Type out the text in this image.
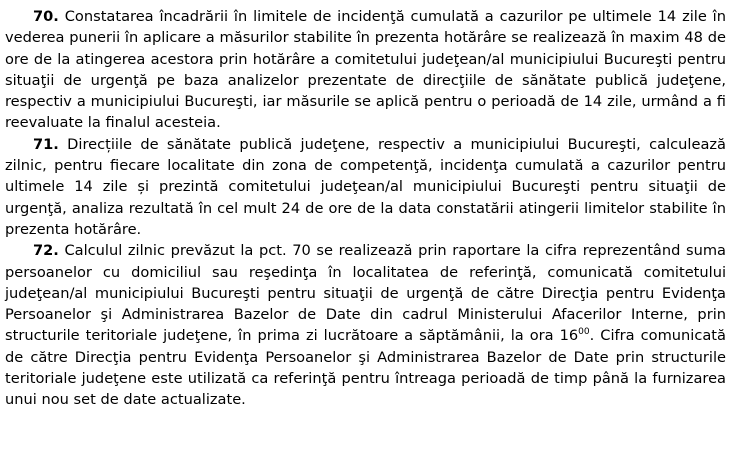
70. Constatarea încadrării în limitele de incidenţă cumulată a cazurilor pe ultimele 14 zile în vederea punerii în aplicare a măsurilor stabilite în prezenta hotărâre se realizează în maxim 48 de ore de la atingerea acestora prin hotărâre a comitetului judeţean/al municipiului Bucureşti pentru situaţii de urgenţă pe baza analizelor prezentate de direcţiile de sănătate publică judeţene, respectiv a municipiului Bucureşti, iar măsurile se aplică pentru o perioadă de 14 zile, urmând a fi reevaluate la finalul acesteia.

71. Direcțiile de sănătate publică judeţene, respectiv a municipiului Bucureşti, calculează zilnic, pentru fiecare localitate din zona de competenţă, incidenţa cumulată a cazurilor pentru ultimele 14 zile și prezintă comitetului judeţean/al municipiului Bucureşti pentru situaţii de urgenţă, analiza rezultată în cel mult 24 de ore de la data constatării atingerii limitelor stabilite în prezenta hotărâre.

72. Calculul zilnic prevăzut la pct. 70 se realizează prin raportare la cifra reprezentând suma persoanelor cu domiciliul sau reşedinţa în localitatea de referinţă, comunicată comitetului judeţean/al municipiului Bucureşti pentru situaţii de urgenţă de către Direcţia pentru Evidenţa Persoanelor şi Administrarea Bazelor de Date din cadrul Ministerului Afacerilor Interne, prin structurile teritoriale judeţene, în prima zi lucrătoare a săptămânii, la ora $16^{00}$. Cifra comunicată de către Direcţia pentru Evidenţa Persoanelor şi Administrarea Bazelor de Date prin structurile teritoriale judeţene este utilizată ca referinţă pentru întreaga perioadă de timp până la furnizarea unui nou set de date actualizate.
